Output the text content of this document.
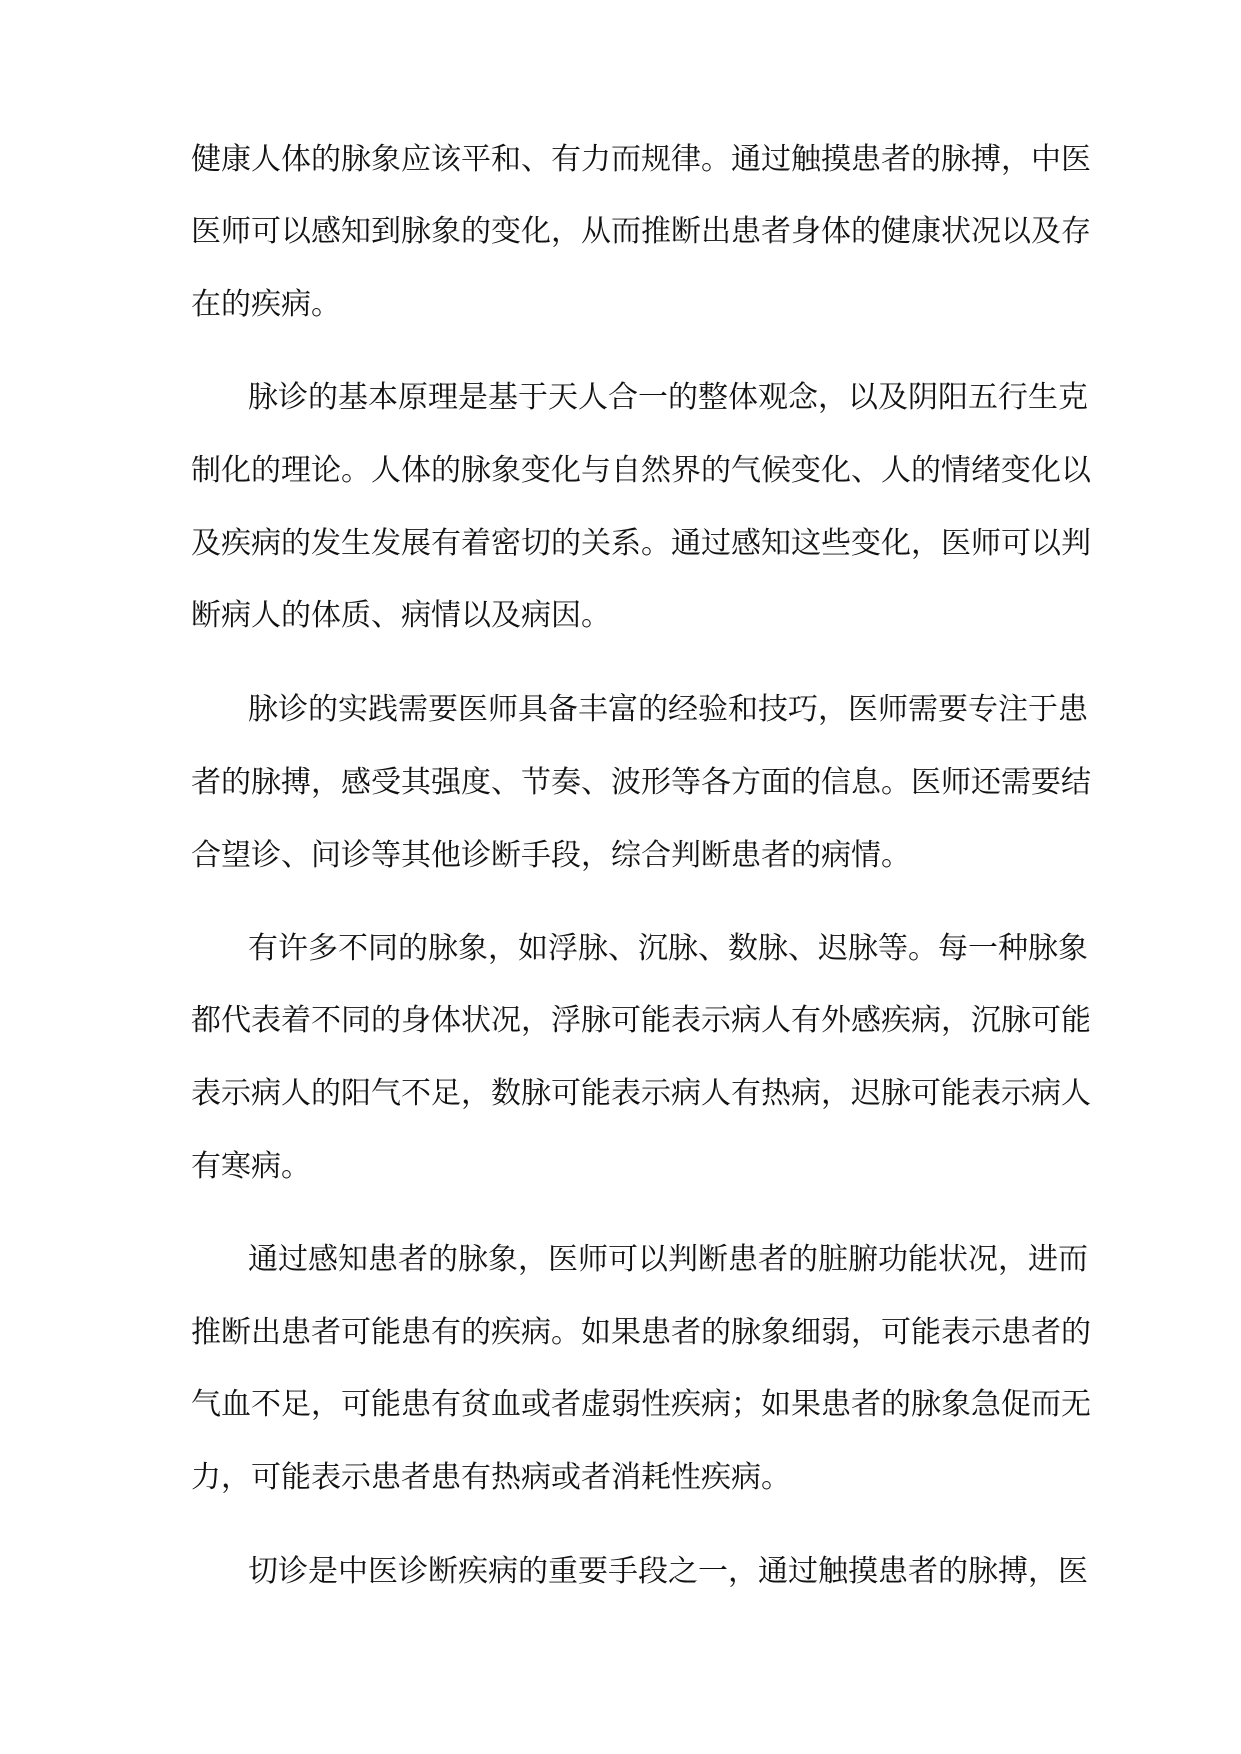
健康人体的脉象应该平和、有力而规律。通过触摸患者的脉搏，中医

医师可以感知到脉象的变化，从而推断出患者身体的健康状况以及存

在的疾病。

脉诊的基本原理是基于天人合一的整体观念，以及阴阳五行生克

制化的理论。人体的脉象变化与自然界的气候变化、人的情绪变化以

及疾病的发生发展有着密切的关系。通过感知这些变化，医师可以判

断病人的体质、病情以及病因。

脉诊的实践需要医师具备丰富的经验和技巧，医师需要专注于患

者的脉搏，感受其强度、节奏、波形等各方面的信息。医师还需要结

合望诊、问诊等其他诊断手段，综合判断患者的病情。

有许多不同的脉象，如浮脉、沉脉、数脉、迟脉等。每一种脉象

都代表着不同的身体状况，浮脉可能表示病人有外感疾病，沉脉可能

表示病人的阳气不足，数脉可能表示病人有热病，迟脉可能表示病人

有寒病。

通过感知患者的脉象，医师可以判断患者的脏腑功能状况，进而

推断出患者可能患有的疾病。如果患者的脉象细弱，可能表示患者的

气血不足，可能患有贫血或者虚弱性疾病；如果患者的脉象急促而无

力，可能表示患者患有热病或者消耗性疾病。

切诊是中医诊断疾病的重要手段之一，通过触摸患者的脉搏，医
